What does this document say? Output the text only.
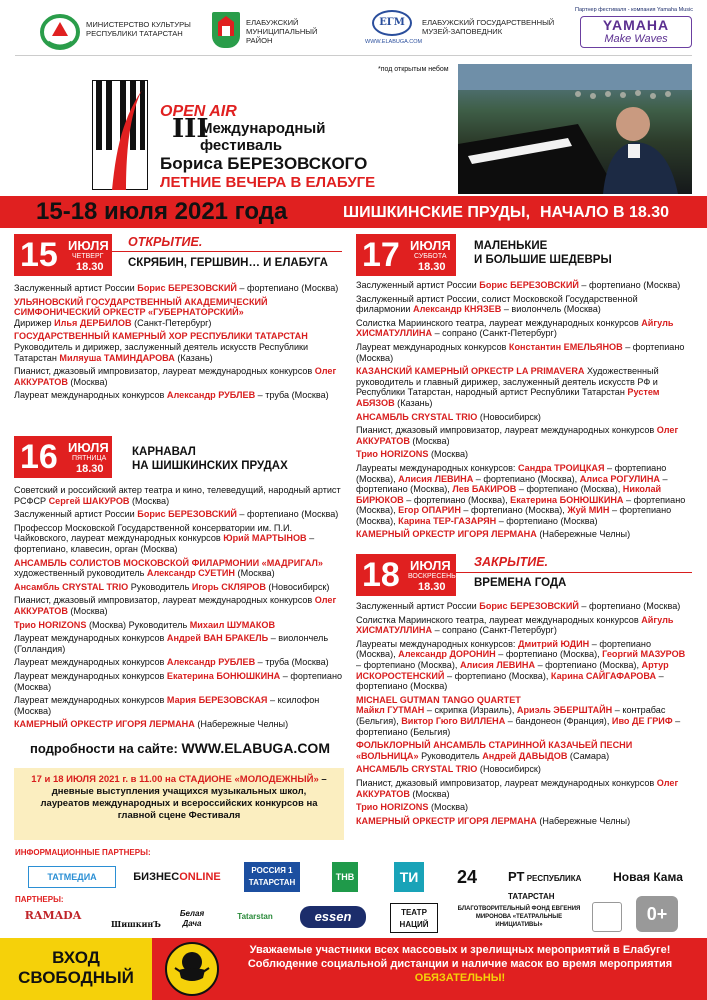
МИНИСТЕРСТВО КУЛЬТУРЫ РЕСПУБЛИКИ ТАТАРСТАН
ЕЛАБУЖСКИЙ МУНИЦИПАЛЬНЫЙ РАЙОН
ЕГМ
WWW.ELABUGA.COM
ЕЛАБУЖСКИЙ ГОСУДАРСТВЕННЫЙ МУЗЕЙ-ЗАПОВЕДНИК
Партнер фестиваля - компания Yamaha Music
YAMAHA
Make Waves
OPEN AIR
III
Международный
фестиваль
Бориса БЕРЕЗОВСКОГО
ЛЕТНИЕ ВЕЧЕРА В ЕЛАБУГЕ
*под открытым небом
15-18 июля 2021 года	ШИШКИНСКИЕ ПРУДЫ, НАЧАЛО В 18.30
15 ИЮЛЯ
ЧЕТВЕРГ
18.30
ОТКРЫТИЕ.
СКРЯБИН, ГЕРШВИН… И ЕЛАБУГА
Заслуженный артист России Борис БЕРЕЗОВСКИЙ – фортепиано (Москва)
УЛЬЯНОВСКИЙ ГОСУДАРСТВЕННЫЙ АКАДЕМИЧЕСКИЙ СИМФОНИЧЕСКИЙ ОРКЕСТР «ГУБЕРНАТОРСКИЙ»
Дирижер Илья ДЕРБИЛОВ (Санкт-Петербург)
ГОСУДАРСТВЕННЫЙ КАМЕРНЫЙ ХОР РЕСПУБЛИКИ ТАТАРСТАН
Руководитель и дирижер, заслуженный деятель искусств Республики Татарстан Миляуша ТАМИНДАРОВА (Казань)
Пианист, джазовый импровизатор, лауреат международных конкурсов Олег АККУРАТОВ (Москва)
Лауреат международных конкурсов Александр РУБЛЕВ – труба (Москва)
16 ИЮЛЯ
ПЯТНИЦА
18.30
КАРНАВАЛ
НА ШИШКИНСКИХ ПРУДАХ
Советский и российский актер театра и кино, телеведущий, народный артист РСФСР Сергей ШАКУРОВ (Москва)
Заслуженный артист России Борис БЕРЕЗОВСКИЙ – фортепиано (Москва)
Профессор Московской Государственной консерватории им. П.И. Чайковского, лауреат международных конкурсов Юрий МАРТЫНОВ – фортепиано, клавесин, орган (Москва)
АНСАМБЛЬ СОЛИСТОВ МОСКОВСКОЙ ФИЛАРМОНИИ «МАДРИГАЛ» художественный руководитель Александр СУЕТИН (Москва)
Ансамбль CRYSTAL TRIO Руководитель Игорь СКЛЯРОВ (Новосибирск)
Пианист, джазовый импровизатор, лауреат международных конкурсов Олег АККУРАТОВ (Москва)
Трио HORIZONS (Москва) Руководитель Михаил ШУМАКОВ
Лауреат международных конкурсов Андрей ВАН БРАКЕЛЬ – виолончель (Голландия)
Лауреат международных конкурсов Александр РУБЛЕВ – труба (Москва)
Лауреат международных конкурсов Екатерина БОНЮШКИНА – фортепиано (Москва)
Лауреат международных конкурсов Мария БЕРЕЗОВСКАЯ – ксилофон (Москва)
КАМЕРНЫЙ ОРКЕСТР ИГОРЯ ЛЕРМАНА (Набережные Челны)
17 ИЮЛЯ
СУББОТА
18.30
МАЛЕНЬКИЕ
И БОЛЬШИЕ ШЕДЕВРЫ
Заслуженный артист России Борис БЕРЕЗОВСКИЙ – фортепиано (Москва)
Заслуженный артист России, солист Московской Государственной филармонии Александр КНЯЗЕВ – виолончель (Москва)
Солистка Мариинского театра, лауреат международных конкурсов Айгуль ХИСМАТУЛЛИНА – сопрано (Санкт-Петербург)
Лауреат международных конкурсов Константин ЕМЕЛЬЯНОВ – фортепиано (Москва)
КАЗАНСКИЙ КАМЕРНЫЙ ОРКЕСТР LA PRIMAVERA Художественный руководитель и главный дирижер, заслуженный деятель искусств РФ и Республики Татарстан, народный артист Республики Татарстан Рустем АБЯЗОВ (Казань)
АНСАМБЛЬ CRYSTAL TRIO (Новосибирск)
Пианист, джазовый импровизатор, лауреат международных конкурсов Олег АККУРАТОВ (Москва)
Трио HORIZONS (Москва)
Лауреаты международных конкурсов: Сандра ТРОИЦКАЯ – фортепиано (Москва), Алисия ЛЕВИНА – фортепиано (Москва), Алиса РОГУЛИНА – фортепиано (Москва), Лев БАКИРОВ – фортепиано (Москва), Николай БИРЮКОВ – фортепиано (Москва), Екатерина БОНЮШКИНА – фортепиано (Москва), Егор ОПАРИН – фортепиано (Москва), Жуй МИН – фортепиано (Москва), Карина ТЕР-ГАЗАРЯН – фортепиано (Москва)
КАМЕРНЫЙ ОРКЕСТР ИГОРЯ ЛЕРМАНА (Набережные Челны)
18 ИЮЛЯ
ВОСКРЕСЕНЬЕ
18.30
ЗАКРЫТИЕ.
ВРЕМЕНА ГОДА
Заслуженный артист России Борис БЕРЕЗОВСКИЙ – фортепиано (Москва)
Солистка Мариинского театра, лауреат международных конкурсов Айгуль ХИСМАТУЛЛИНА – сопрано (Санкт-Петербург)
Лауреаты международных конкурсов: Дмитрий ЮДИН – фортепиано (Москва), Александр ДОРОНИН – фортепиано (Москва), Георгий МАЗУРОВ – фортепиано (Москва), Алисия ЛЕВИНА – фортепиано (Москва), Артур ИСКОРОСТЕНСКИЙ – фортепиано (Москва), Карина САЙГАФАРОВА – фортепиано (Москва)
MICHAEL GUTMAN TANGO QUARTET
Майкл ГУТМАН – скрипка (Израиль), Ариэль ЭБЕРШТАЙН – контрабас (Бельгия), Виктор Гюго ВИЛЛЕНА – бандонеон (Франция), Иво ДЕ ГРИФ – фортепиано (Бельгия)
ФОЛЬКЛОРНЫЙ АНСАМБЛЬ СТАРИННОЙ КАЗАЧЬЕЙ ПЕСНИ «ВОЛЬНИЦА» Руководитель Андрей ДАВЫДОВ (Самара)
АНСАМБЛЬ CRYSTAL TRIO (Новосибирск)
Пианист, джазовый импровизатор, лауреат международных конкурсов Олег АККУРАТОВ (Москва)
Трио HORIZONS (Москва)
КАМЕРНЫЙ ОРКЕСТР ИГОРЯ ЛЕРМАНА (Набережные Челны)
подробности на сайте: WWW.ELABUGA.COM
17 и 18 ИЮЛЯ 2021 г. в 11.00 на СТАДИОНЕ «МОЛОДЕЖНЫЙ» – дневные выступления учащихся музыкальных школ, лауреатов международных и всероссийских конкурсов на главной сцене Фестиваля
ИНФОРМАЦИОННЫЕ ПАРТНЕРЫ:
ТАТМЕДИА	БИЗНЕСONLINE
РОССИЯ 1
ТАТАРСТАН
ТНВ	ТИ	24	РТ РЕСПУБЛИКА ТАТАРСТАН
Новая Кама
ПАРТНЕРЫ:
RAMADA
ШишкинЪ
Белая Дача
Tatarstan	essen	ТЕАТР НАЦИЙ
БЛАГОТВОРИТЕЛЬНЫЙ ФОНД ЕВГЕНИЯ МИРОНОВА «ТЕАТРАЛЬНЫЕ ИНИЦИАТИВЫ»
0+
ВХОД
СВОБОДНЫЙ
Уважаемые участники всех массовых и зрелищных мероприятий в Елабуге! Соблюдение социальной дистанции и наличие масок во время мероприятия ОБЯЗАТЕЛЬНЫ!
